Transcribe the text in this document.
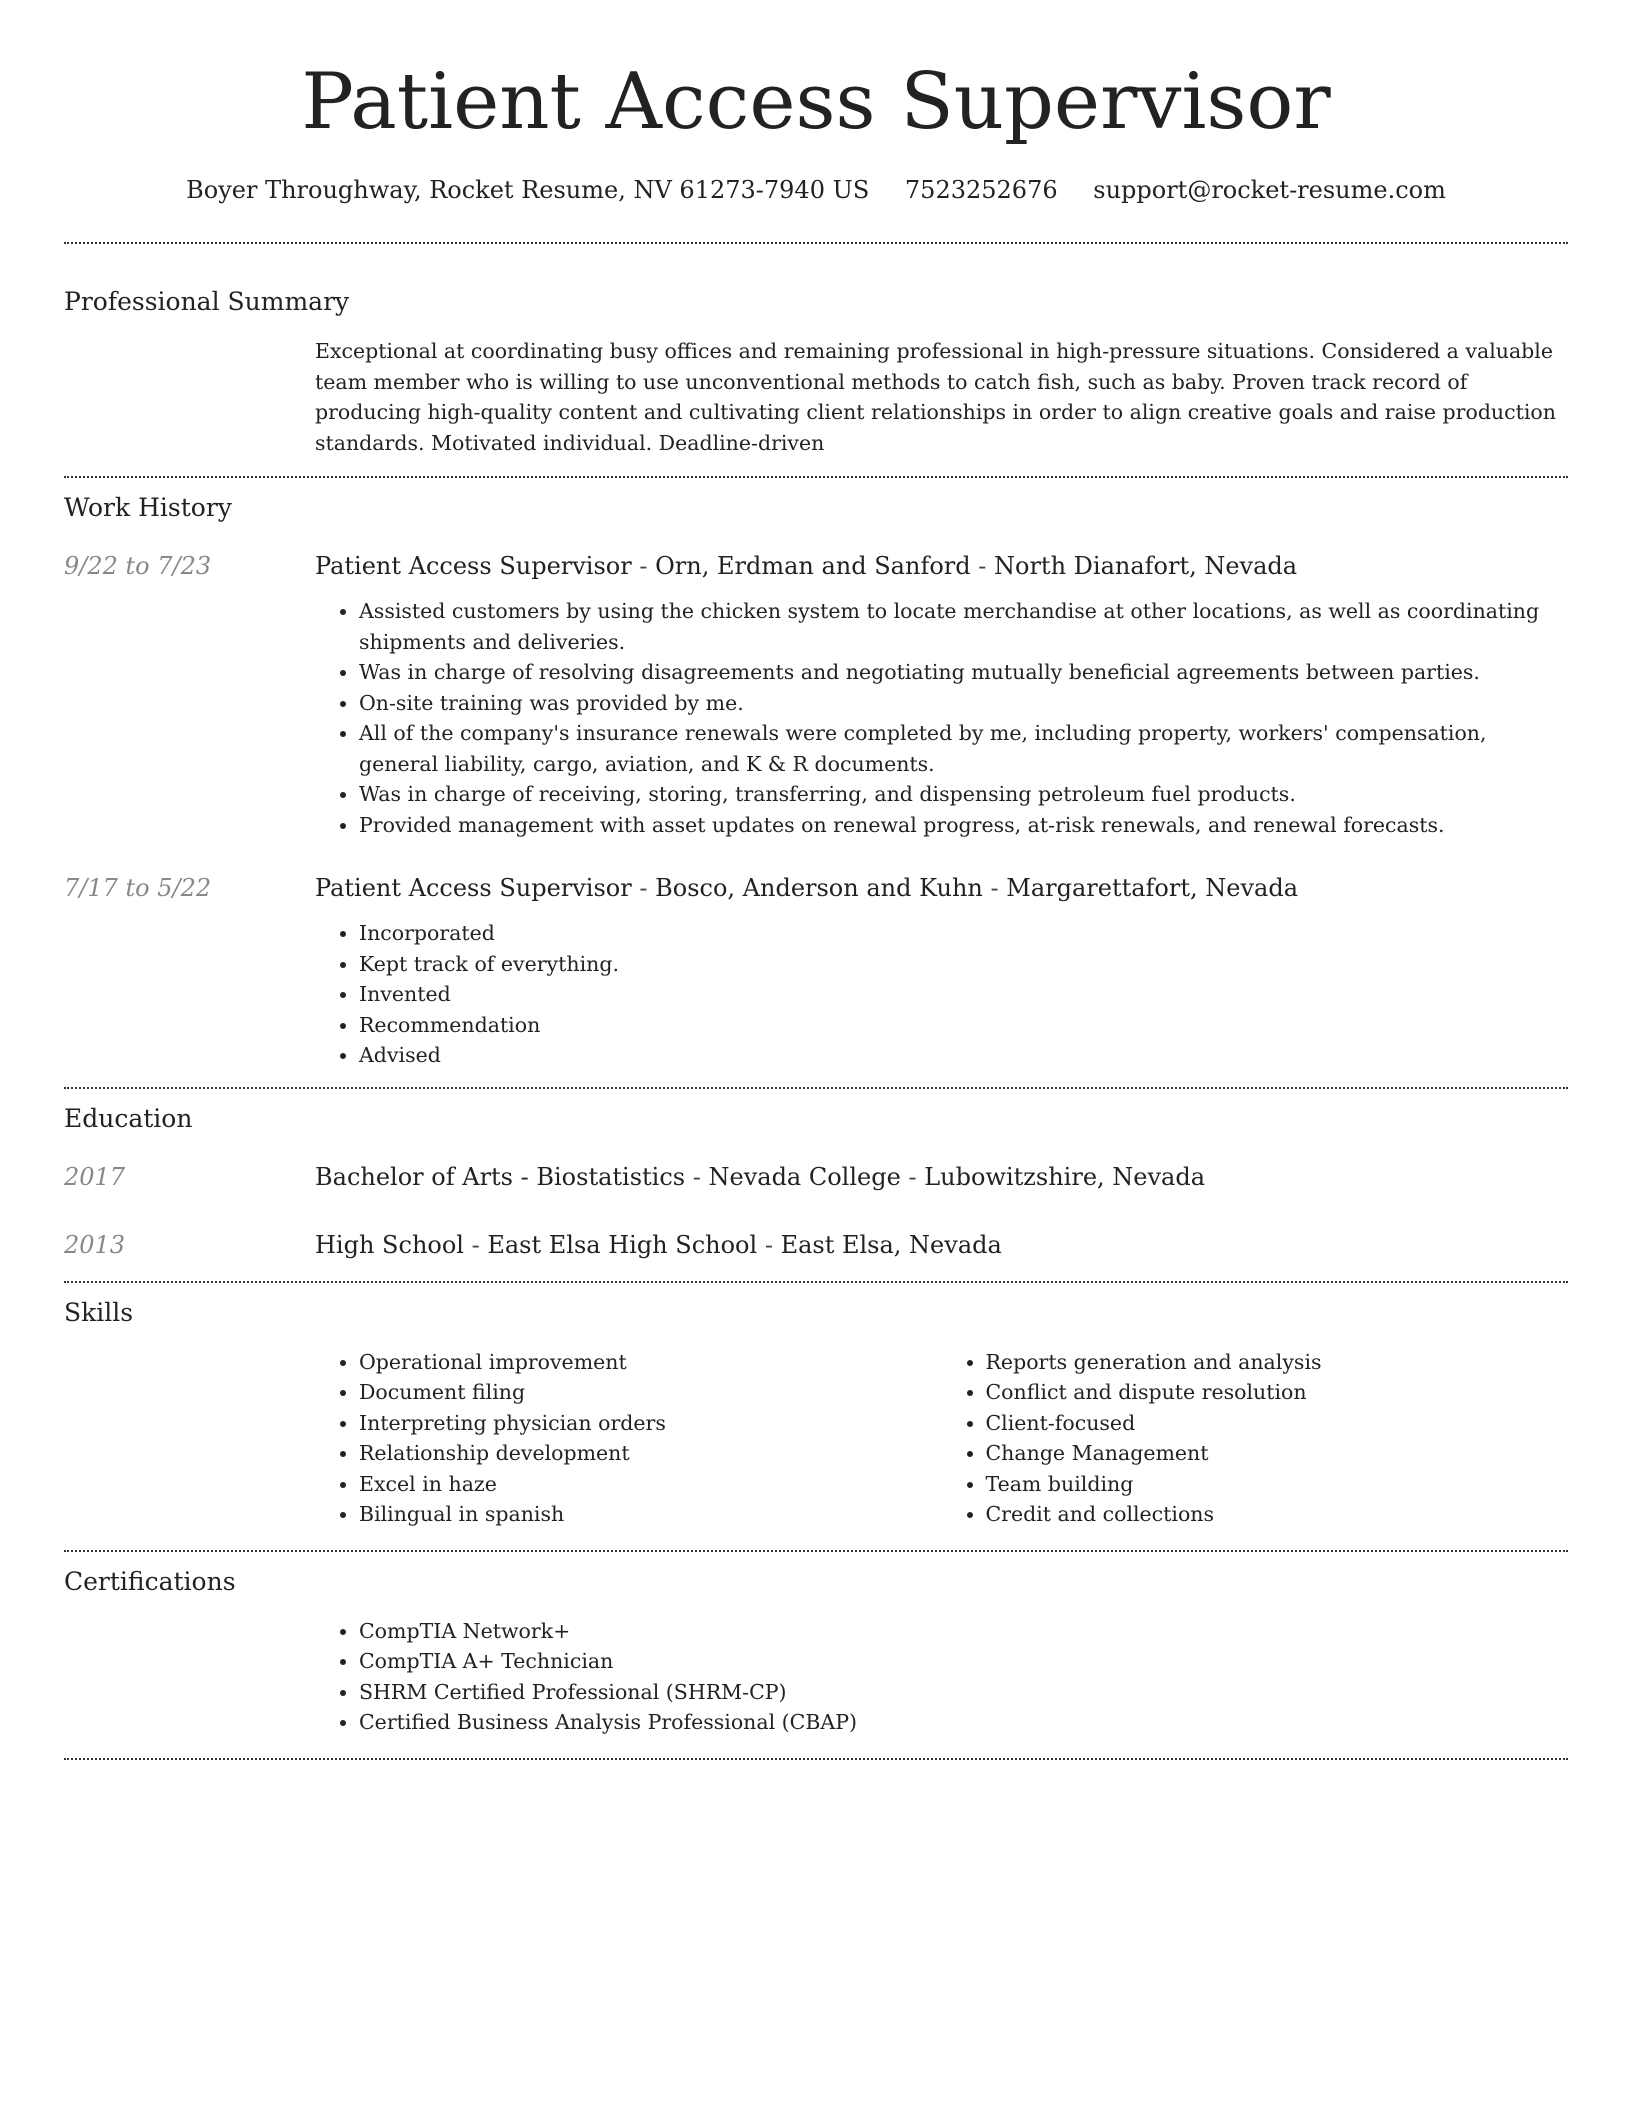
Patient Access Supervisor
Boyer Throughway, Rocket Resume, NV 61273-7940 US 7523252676 support@rocket-resume.com
Professional Summary

Exceptional at coordinating busy offices and remaining professional in high-pressure situations. Considered a valuable team member who is willing to use unconventional methods to catch fish, such as baby. Proven track record of producing high-quality content and cultivating client relationships in order to align creative goals and raise production standards. Motivated individual. Deadline-driven

Work History
9/22 to 7/23	Patient Access Supervisor - Orn, Erdman and Sanford - North Dianafort, Nevada
• Assisted customers by using the chicken system to locate merchandise at other locations, as well as coordinating shipments and deliveries.
• Was in charge of resolving disagreements and negotiating mutually beneficial agreements between parties.
• On-site training was provided by me.
• All of the company's insurance renewals were completed by me, including property, workers' compensation, general liability, cargo, aviation, and K & R documents.
• Was in charge of receiving, storing, transferring, and dispensing petroleum fuel products.
• Provided management with asset updates on renewal progress, at-risk renewals, and renewal forecasts.
7/17 to 5/22	Patient Access Supervisor - Bosco, Anderson and Kuhn - Margarettafort, Nevada
• Incorporated
• Kept track of everything.
• Invented
• Recommendation
• Advised
Education
2017	Bachelor of Arts - Biostatistics - Nevada College - Lubowitzshire, Nevada
2013	High School - East Elsa High School - East Elsa, Nevada
Skills
• Operational improvement
• Document filing
• Interpreting physician orders
• Relationship development
• Excel in haze
• Bilingual in spanish
• Reports generation and analysis
• Conflict and dispute resolution
• Client-focused
• Change Management
• Team building
• Credit and collections
Certifications
• CompTIA Network+
• CompTIA A+ Technician
• SHRM Certified Professional (SHRM-CP)
• Certified Business Analysis Professional (CBAP)
